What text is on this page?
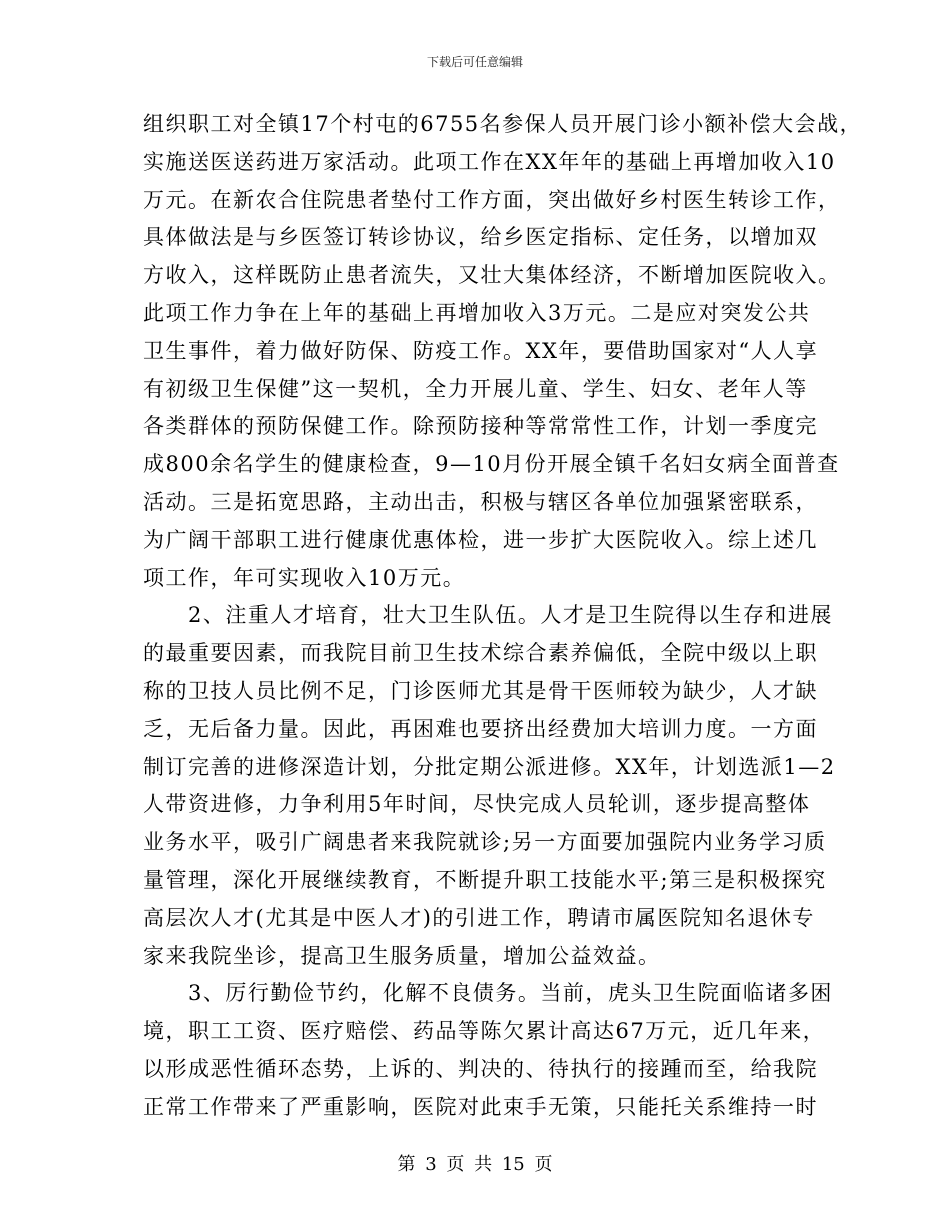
下载后可任意编辑
组织职工对全镇17个村屯的6755名参保人员开展门诊小额补偿大会战，
实施送医送药进万家活动。此项工作在XX年年的基础上再增加收入10
万元。在新农合住院患者垫付工作方面，突出做好乡村医生转诊工作，
具体做法是与乡医签订转诊协议，给乡医定指标、定任务，以增加双
方收入，这样既防止患者流失，又壮大集体经济，不断增加医院收入。
此项工作力争在上年的基础上再增加收入3万元。二是应对突发公共
卫生事件，着力做好防保、防疫工作。XX年，要借助国家对“人人享
有初级卫生保健”这一契机，全力开展儿童、学生、妇女、老年人等
各类群体的预防保健工作。除预防接种等常常性工作，计划一季度完
成800余名学生的健康检查，9—10月份开展全镇千名妇女病全面普查
活动。三是拓宽思路，主动出击，积极与辖区各单位加强紧密联系，
为广阔干部职工进行健康优惠体检，进一步扩大医院收入。综上述几
项工作，年可实现收入10万元。
　　2、注重人才培育，壮大卫生队伍。人才是卫生院得以生存和进展
的最重要因素，而我院目前卫生技术综合素养偏低，全院中级以上职
称的卫技人员比例不足，门诊医师尤其是骨干医师较为缺少，人才缺
乏，无后备力量。因此，再困难也要挤出经费加大培训力度。一方面
制订完善的进修深造计划，分批定期公派进修。XX年，计划选派1—2
人带资进修，力争利用5年时间，尽快完成人员轮训，逐步提高整体
业务水平，吸引广阔患者来我院就诊;另一方面要加强院内业务学习质
量管理，深化开展继续教育，不断提升职工技能水平;第三是积极探究
高层次人才(尤其是中医人才)的引进工作，聘请市属医院知名退休专
家来我院坐诊，提高卫生服务质量，增加公益效益。
　　3、厉行勤俭节约，化解不良债务。当前，虎头卫生院面临诸多困
境，职工工资、医疗赔偿、药品等陈欠累计高达67万元，近几年来，
以形成恶性循环态势，上诉的、判决的、待执行的接踵而至，给我院
正常工作带来了严重影响，医院对此束手无策，只能托关系维持一时
第 3 页 共 15 页
